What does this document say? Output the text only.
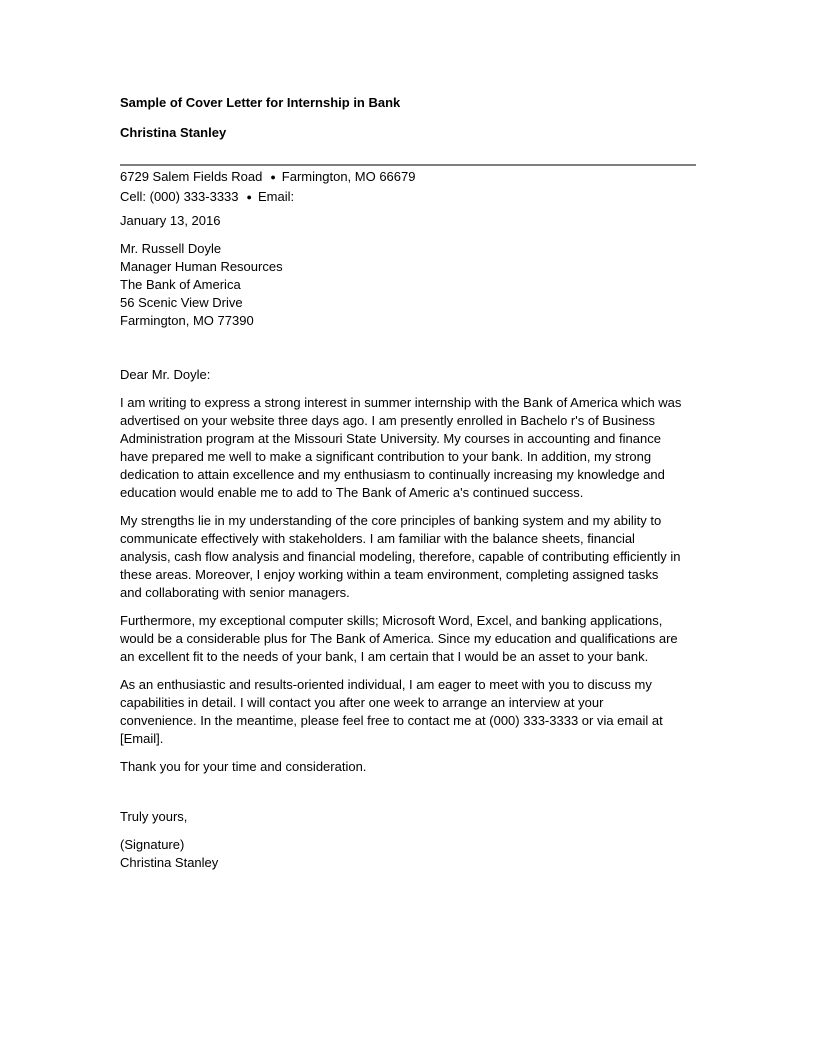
Sample of Cover Letter for Internship in Bank
Christina Stanley
6729 Salem Fields Road ● Farmington, MO 66679
Cell: (000) 333-3333 ● Email:
January 13, 2016
Mr. Russell Doyle
Manager Human Resources
The Bank of America
56 Scenic View Drive
Farmington, MO 77390
Dear Mr. Doyle:
I am writing to express a strong interest in summer internship with the Bank of America which was
advertised on your website three days ago. I am presently enrolled in Bachelo r's of Business
Administration program at the Missouri State University. My courses in accounting and finance
have prepared me well to make a significant contribution to your bank. In addition, my strong
dedication to attain excellence and my enthusiasm to continually increasing my knowledge and
education would enable me to add to The Bank of Americ a's continued success.
My strengths lie in my understanding of the core principles of banking system and my ability to
communicate effectively with stakeholders. I am familiar with the balance sheets, financial
analysis, cash flow analysis and financial modeling, therefore, capable of contributing efficiently in
these areas. Moreover, I enjoy working within a team environment, completing assigned tasks
and collaborating with senior managers.
Furthermore, my exceptional computer skills; Microsoft Word, Excel, and banking applications,
would be a considerable plus for The Bank of America. Since my education and qualifications are
an excellent fit to the needs of your bank, I am certain that I would be an asset to your bank.
As an enthusiastic and results-oriented individual, I am eager to meet with you to discuss my
capabilities in detail. I will contact you after one week to arrange an interview at your
convenience. In the meantime, please feel free to contact me at (000) 333-3333 or via email at
[Email].
Thank you for your time and consideration.
Truly yours,
(Signature)
Christina Stanley
